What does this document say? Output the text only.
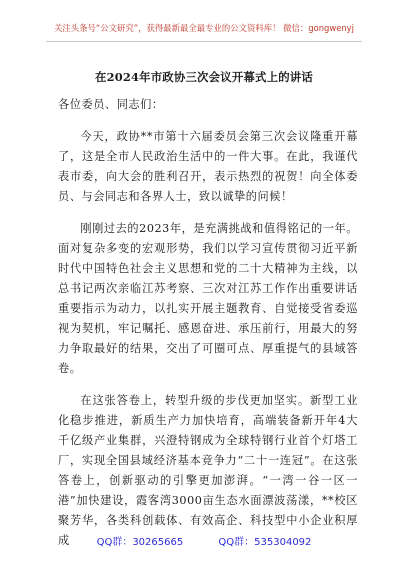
关注头条号“公文研究”，获得最新最全最专业的公文资料库！ 微信：gongwenyj
在2024年市政协三次会议开幕式上的讲话

各位委员、同志们：

今天，政协**市第十六届委员会第三次会议隆重开幕了，这是全市人民政治生活中的一件大事。在此，我谨代表市委，向大会的胜利召开，表示热烈的祝贺！向全体委员、与会同志和各界人士，致以诚挚的问候！

刚刚过去的2023年，是充满挑战和值得铭记的一年。面对复杂多变的宏观形势，我们以学习宣传贯彻习近平新时代中国特色社会主义思想和党的二十大精神为主线，以总书记两次亲临江苏考察、三次对江苏工作作出重要讲话重要指示为动力，以扎实开展主题教育、自觉接受省委巡视为契机，牢记嘱托、感恩奋进、承压前行，用最大的努力争取最好的结果，交出了可圈可点、厚重提气的县域答卷。

在这张答卷上，转型升级的步伐更加坚实。新型工业化稳步推进，新质生产力加快培育，高端装备新开年4大千亿级产业集群，兴澄特钢成为全球特钢行业首个灯塔工厂，实现全国县域经济基本竞争力“二十一连冠”。在这张答卷上，创新驱动的引擎更加澎湃。“一湾一谷一区一港”加快建设，霞客湾3000亩生态水面漂波荡漾，**校区聚芳华，各类科创载体、有效高企、科技型中小企业积厚成	QQ群：30265665	QQ群：535304092
